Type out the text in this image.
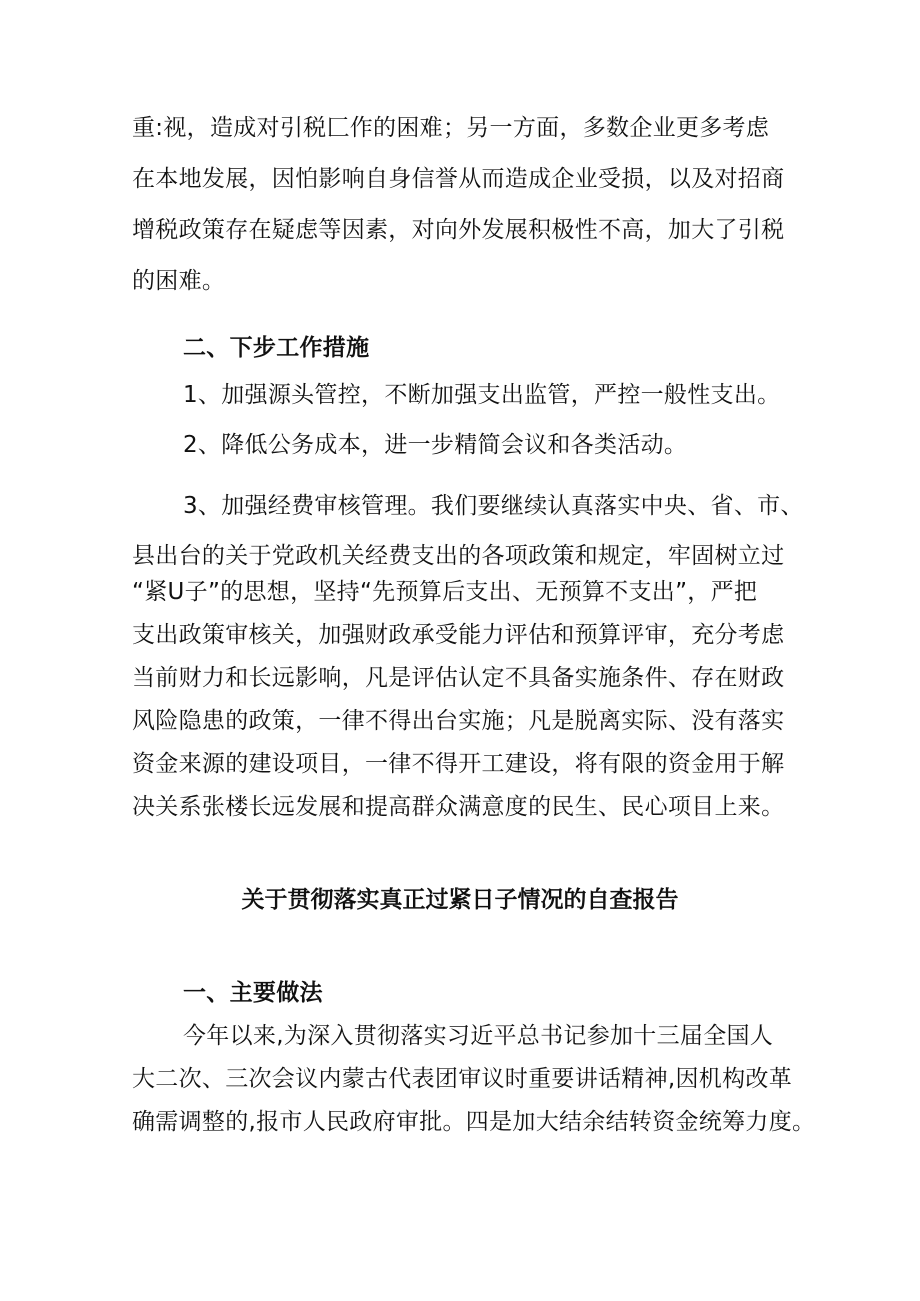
重:视，造成对引税匚作的困难；另一方面，多数企业更多考虑
在本地发展，因怕影响自身信誉从而造成企业受损，以及对招商
增税政策存在疑虑等因素，对向外发展积极性不高，加大了引税
的困难。
二、下步工作措施
1、加强源头管控，不断加强支出监管，严控一般性支出。
2、降低公务成本，进一步精简会议和各类活动。
3、加强经费审核管理。我们要继续认真落实中央、省、市、
县出台的关于党政机关经费支出的各项政策和规定，牢固树立过
“紧U子”的思想，坚持“先预算后支出、无预算不支出”，严把
支出政策审核关，加强财政承受能力评估和预算评审，充分考虑
当前财力和长远影响，凡是评估认定不具备实施条件、存在财政
风险隐患的政策，一律不得出台实施；凡是脱离实际、没有落实
资金来源的建设项目，一律不得开工建设，将有限的资金用于解
决关系张楼长远发展和提高群众满意度的民生、民心项目上来。
关于贯彻落实真正过紧日子情况的自查报告
一、主要做法
今年以来,为深入贯彻落实习近平总书记参加十三届全国人
大二次、三次会议内蒙古代表团审议时重要讲话精神,因机构改革
确需调整的,报市人民政府审批。四是加大结余结转资金统筹力度。
